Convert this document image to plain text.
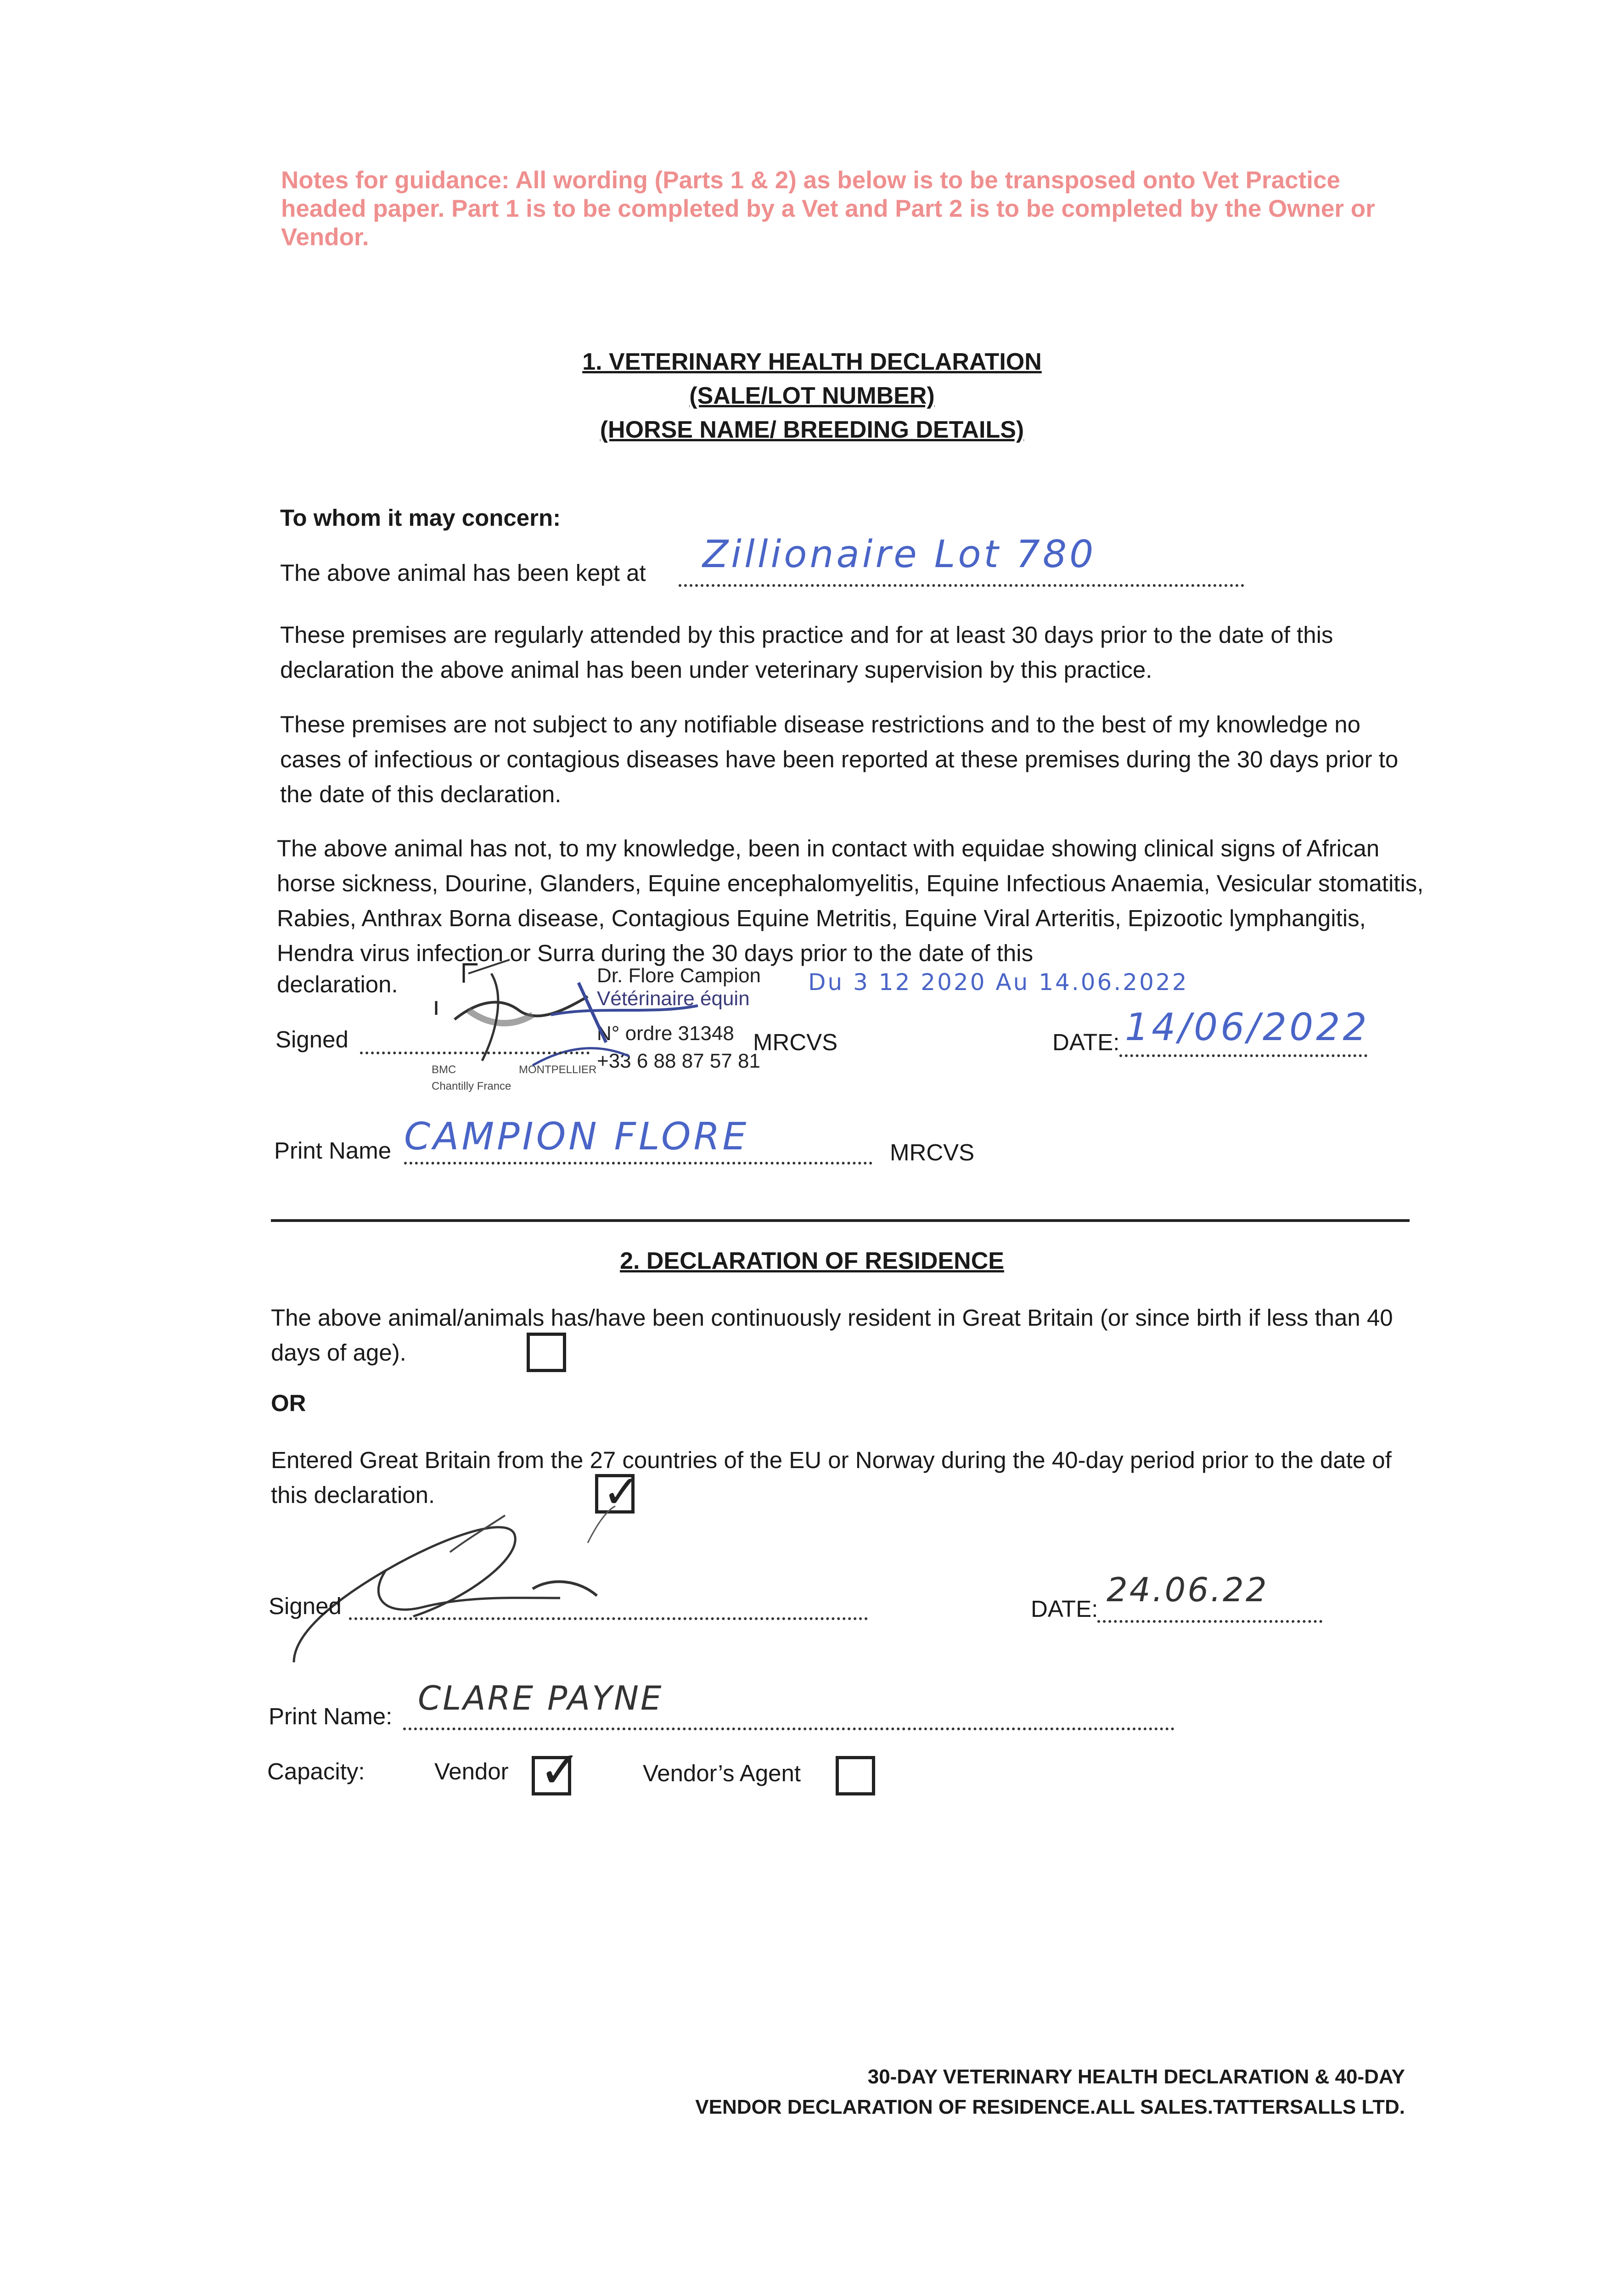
Notes for guidance: All wording (Parts 1 & 2) as below is to be transposed onto Vet Practice headed paper. Part 1 is to be completed by a Vet and Part 2 is to be completed by the Owner or Vendor.
1. VETERINARY HEALTH DECLARATION
(SALE/LOT NUMBER)
(HORSE NAME/ BREEDING DETAILS)
To whom it may concern:
The above animal has been kept at	Zillionaire Lot 780
These premises are regularly attended by this practice and for at least 30 days prior to the date of this declaration the above animal has been under veterinary supervision by this practice.
These premises are not subject to any notifiable disease restrictions and to the best of my knowledge no cases of infectious or contagious diseases have been reported at these premises during the 30 days prior to the date of this declaration.
The above animal has not, to my knowledge, been in contact with equidae showing clinical signs of African horse sickness, Dourine, Glanders, Equine encephalomyelitis, Equine Infectious Anaemia, Vesicular stomatitis, Rabies, Anthrax Borna disease, Contagious Equine Metritis, Equine Viral Arteritis, Epizootic lymphangitis, Hendra virus infection or Surra during the 30 days prior to the date of this
declaration.	Du 3 12 2020 Au 14.06.2022
Dr. Flore Campion
Vétérinaire équin
N° ordre 31348
+33 6 88 87 57 81
BMC	MONTPELLIER
Chantilly France
Signed	MRCVS	DATE: 14/06/2022
Print Name CAMPION FLORE	MRCVS
2. DECLARATION OF RESIDENCE
The above animal/animals has/have been continuously resident in Great Britain (or since birth if less than 40 days of age).
OR
Entered Great Britain from the 27 countries of the EU or Norway during the 40-day period prior to the date of this declaration.	✓
Signed	DATE: 24.06.22
Print Name: CLARE PAYNE
Capacity:	Vendor ✓	Vendor’s Agent
30-DAY VETERINARY HEALTH DECLARATION & 40-DAY
VENDOR DECLARATION OF RESIDENCE.ALL SALES.TATTERSALLS LTD.
